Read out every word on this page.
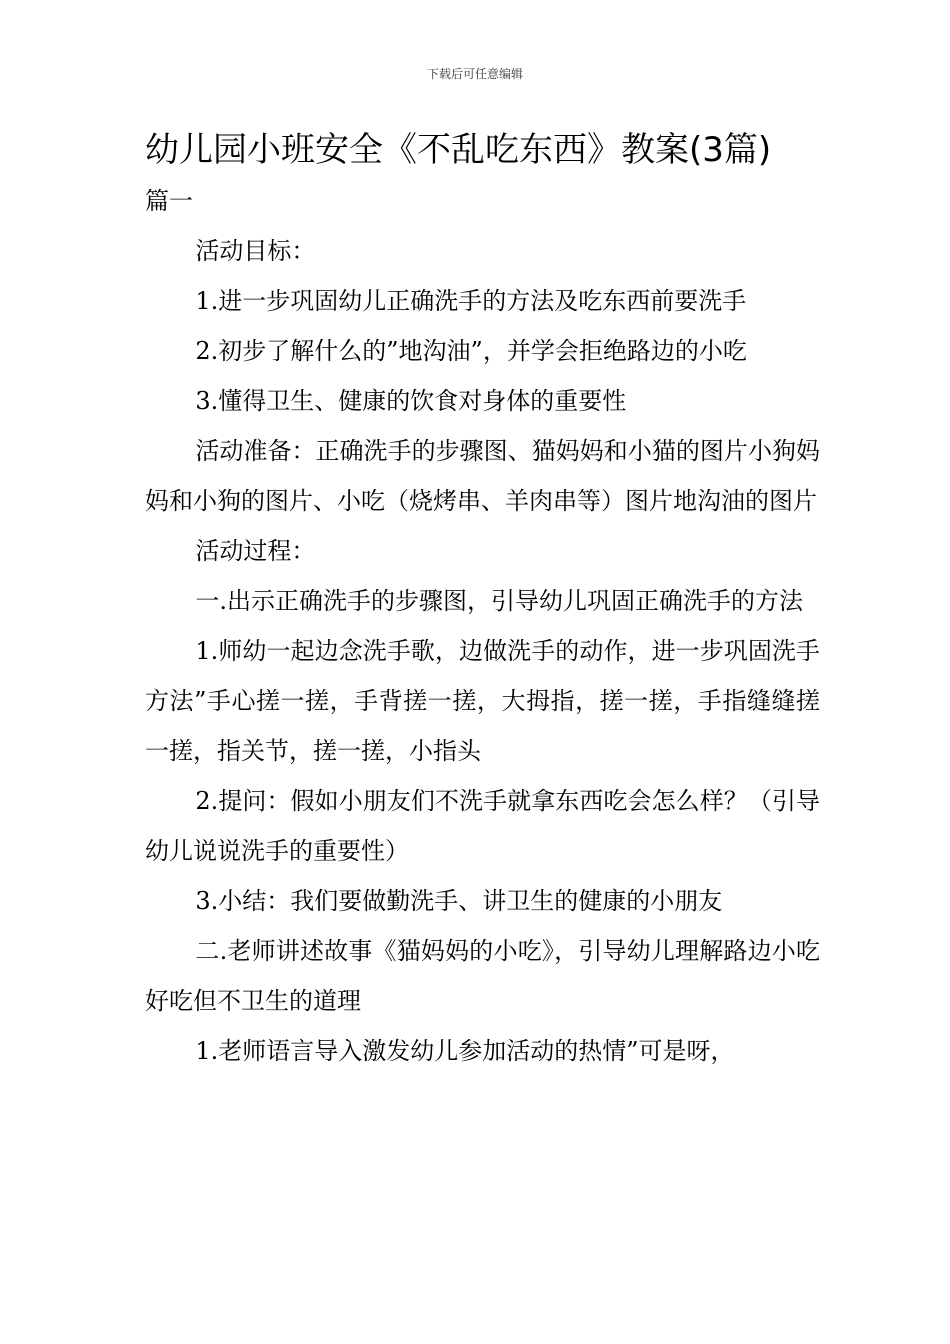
下载后可任意编辑
幼儿园小班安全《不乱吃东西》教案(3篇)

篇一

活动目标：

1.进一步巩固幼儿正确洗手的方法及吃东西前要洗手

2.初步了解什么的”地沟油”，并学会拒绝路边的小吃

3.懂得卫生、健康的饮食对身体的重要性

活动准备：正确洗手的步骤图、猫妈妈和小猫的图片小狗妈妈和小狗的图片、小吃（烧烤串、羊肉串等）图片地沟油的图片

活动过程：

一.出示正确洗手的步骤图，引导幼儿巩固正确洗手的方法

1.师幼一起边念洗手歌，边做洗手的动作，进一步巩固洗手方法”手心搓一搓，手背搓一搓，大拇指，搓一搓，手指缝缝搓一搓，指关节，搓一搓，小指头

2.提问：假如小朋友们不洗手就拿东西吃会怎么样？（引导幼儿说说洗手的重要性）

3.小结：我们要做勤洗手、讲卫生的健康的小朋友

二.老师讲述故事《猫妈妈的小吃》，引导幼儿理解路边小吃好吃但不卫生的道理

1.老师语言导入激发幼儿参加活动的热情”可是呀，
